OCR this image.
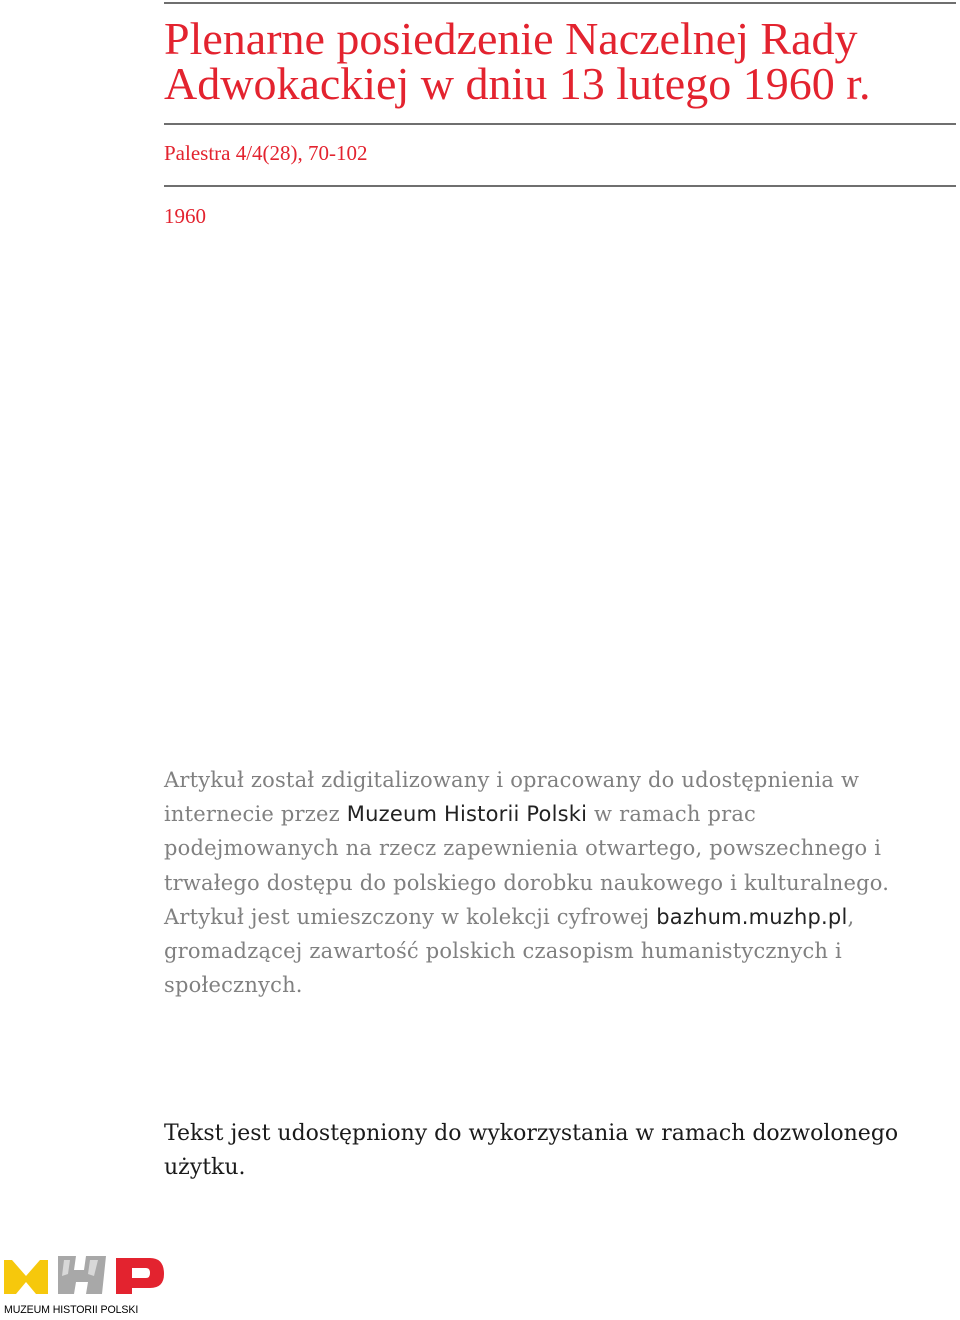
Plenarne posiedzenie Naczelnej Rady Adwokackiej w dniu 13 lutego 1960 r.
Palestra 4/4(28), 70-102
1960

Artykuł został zdigitalizowany i opracowany do udostępnienia w internecie przez Muzeum Historii Polski w ramach prac podejmowanych na rzecz zapewnienia otwartego, powszechnego i trwałego dostępu do polskiego dorobku naukowego i kulturalnego. Artykuł jest umieszczony w kolekcji cyfrowej bazhum.muzhp.pl, gromadzącej zawartość polskich czasopism humanistycznych i społecznych.

Tekst jest udostępniony do wykorzystania w ramach dozwolonego użytku.

MUZEUM HISTORII POLSKI
